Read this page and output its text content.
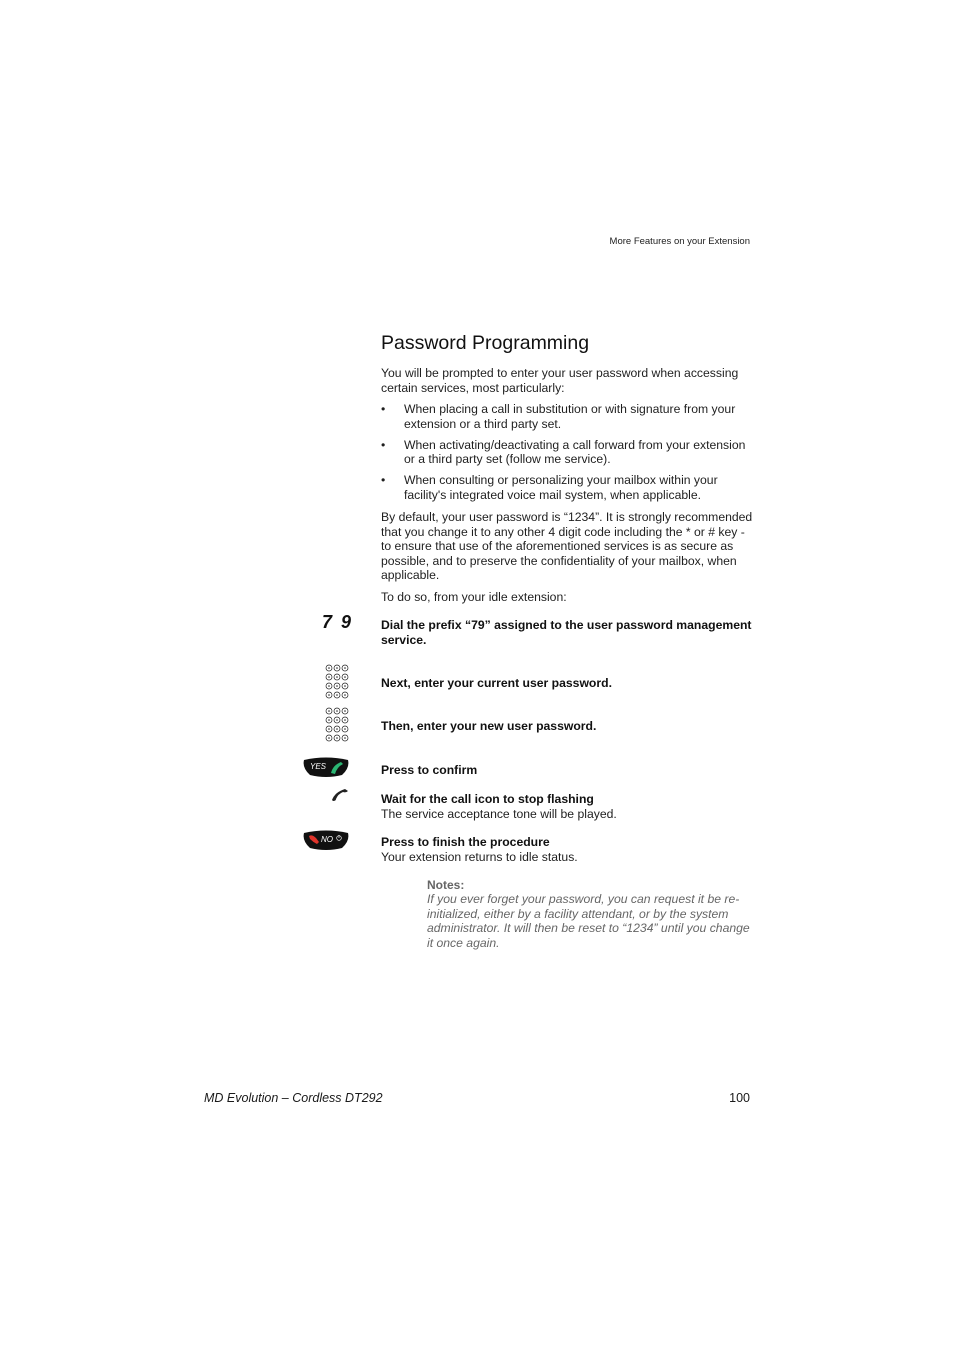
More Features on your Extension
Password Programming
You will be prompted to enter your user password when accessing certain services, most particularly:
• When placing a call in substitution or with signature from your extension or a third party set.
• When activating/deactivating a call forward from your extension or a third party set (follow me service).
• When consulting or personalizing your mailbox within your facility's integrated voice mail system, when applicable.
By default, your user password is “1234”. It is strongly recommended that you change it to any other 4 digit code including the * or # key - to ensure that use of the aforementioned services is as secure as possible, and to preserve the confidentiality of your mailbox, when applicable.
To do so, from your idle extension:
7 9 Dial the prefix “79” assigned to the user password management service.
Next, enter your current user password.
Then, enter your new user password.
YES	Press to confirm
Wait for the call icon to stop flashing
The service acceptance tone will be played.
NO	Press to finish the procedure
Your extension returns to idle status.
Notes:
If you ever forget your password, you can request it be re-initialized, either by a facility attendant, or by the system administrator. It will then be reset to “1234” until you change it once again.
MD Evolution – Cordless DT292	100
